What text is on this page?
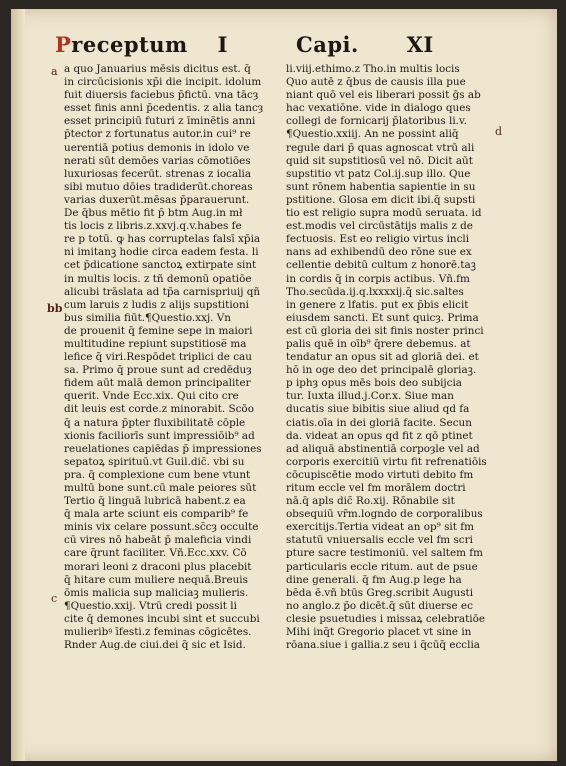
Preceptum I	Capi. XI
bb
a
c
d
a quo Januarius mēsis dicitus est. q̄
in circūcisionis xp̄i die incipit. idolum
fuit diuersis faciebus p̄fictū. vna tācȝ
esset finis anni p̄cedentis. z alia tancȝ
esset principiū futuri z īminētis anni
p̄tector z fortunatus autor.in cui⁹ re
uerentiā potius demonis in idolo ve
nerati sūt demōes varias cōmotiōes
luxuriosas fecerūt. strenas z iocalia
sibi mutuo dōies tradiderūt.choreas
varias duxerūt.mēsas p̄parauerunt.
De q̄bus mētio fit p̄ btm Aug.in mł
tis locis z libris.z.xxvj.q.v.habes fe
re p totū. ꝙ has corruptelas falsī xp̄ia
ni imitanꝫ hodie circa eadem festa. li
cet p̄dicatione sanctoꝝ extirpate sint
in multis locis. z tñ demonū opatiōe
alicubi trāslata ad tp̄a carnispriuij qñ
cum laruis z ludis z alijs supstitioni
bus similia fiūt.¶Questio.xxj. Vn
de prouenit q̄ femine sepe in maiori
multitudine repiunt̄ supstitiose̅ ma
lefice q̄ viri.Respōdet triplici de cau
sa. Primo q̄ proue sunt ad credēduȝ
fidem aūt malā demon principaliter
querit. Vnde Ecc.xix. Qui cito cre
dit leuis est corde.z minorabit. Scōo
q̄ a natura p̄pter fluxibilitatē cōple
xionis faciliorīs sunt impressiōib⁹ ad
reuelationes capiēdas p̄ impressiones
sepatoꝝ spirituū.vt Guil.dic̄. vbi su
pra. q̄ complexione cum bene vtunt̄
multū bone sunt.cū male peiores sūt
Tertio q̄ linguā lubricā habent.z ea
q̄ mala arte sciunt eis comparib⁹ fe
minis vix celare possunt.sc̄cȝ occulte
cū vires nō habeāt p̄ maleficia vindi
care q̄runt faciliter. Vñ.Ecc.xxv. Cō
morari leoni z draconi plus placebit
q̄ hitare cum muliere nequā.Breuis
ōmis malicia sup maliciaꝫ mulieris.
¶Questio.xxij. Vtrū credi possit li
cite q̄ demones incubi sint et succubi
mulieribꝰ īfesti.z feminas cōgicētes.
Rnder Aug.de ciui.dei q̄ sic et Isid.
li.viij.ethimo.z Tho.in multis locis
Quo autē z q̄bus de causis illa pue
niant quō vel eis liberari possit ḡs ab
hac vexatiōne. vide in dialogo ques
collegi de fornicarij p̄latoribus li.v.
¶Questio.xxiij. An ne possint aliq̄
regule dari p̄ quas agnoscat vtrū ali
quid sit supstitiosū vel nō. Dicit aūt
supstitio vt patz Col.ij.sup illo. Que
sunt rōnem habentia sapientie in su
pstitione. Glosa em dicit ibi.q̄ supsti
tio est religio supra modū seruata. id
est.modis vel circūstātijs malis z de
fectuosis. Est eo religio virtus incli
nans ad exhibendū deo rōne sue ex
cellentie debitū cultum z honorē.taꝫ
in cordis q̄ in corpis actibus. Vñ.fm
Tho.secūda.ij.q.lxxxxij.q̄ sic.saltes
in genere z lfatis. put ex p̄bis elicit̄
eiusdem sancti. Et sunt quicȝ. Prima
est cū gloria dei sit finis noster princi
palis quē in oīb⁹ q̄rere debemus. at
tendatur an opus sit ad gloriā dei. et
hō in oge deo det principalē gloriaꝫ.
p iph̄ȝ opus mēs bois deo subijcia
tur. Iuxta illud.j.Cor.x. Siue man
ducatis siue bibitis siue aliud qd fa
ciatis.oīa in dei gloriā facite. Secun
da. videat an opus qd fit z qō ptinet
ad aliquā abstinentiā corpoȝle vel ad
corporis exercitiū virtu fit refrenatiōis
cōcupiscētie modo virtuti debito fm
ritum eccl̄e vel fm morālem doctri
nā.q̄ apl̄s dic̄ Ro.xij. Rōnabile sit
obsequiū vr̄m.logndo de corporalibus
exercitijs.Tertia videat an op⁹ sit fm
statutū vniuersalis eccl̄e vel fm scri
pture sacre testimoniū. vel saltem fm
particularis eccl̄e ritum. aut de psue
dine generali. q̄ fm Aug.p lege ha
bēda ē.vñ btūs Greg.scribit Augusti
no anglo.z p̄o dicēt.q̄ sūt diuerse ec
clesie psuetudies i missaꝝ celebratiōe
Mihi inq̄t Gregorio placet vt sine in
rōana.siue i gallia.z seu i q̄cūq̄ eccl̄ia
